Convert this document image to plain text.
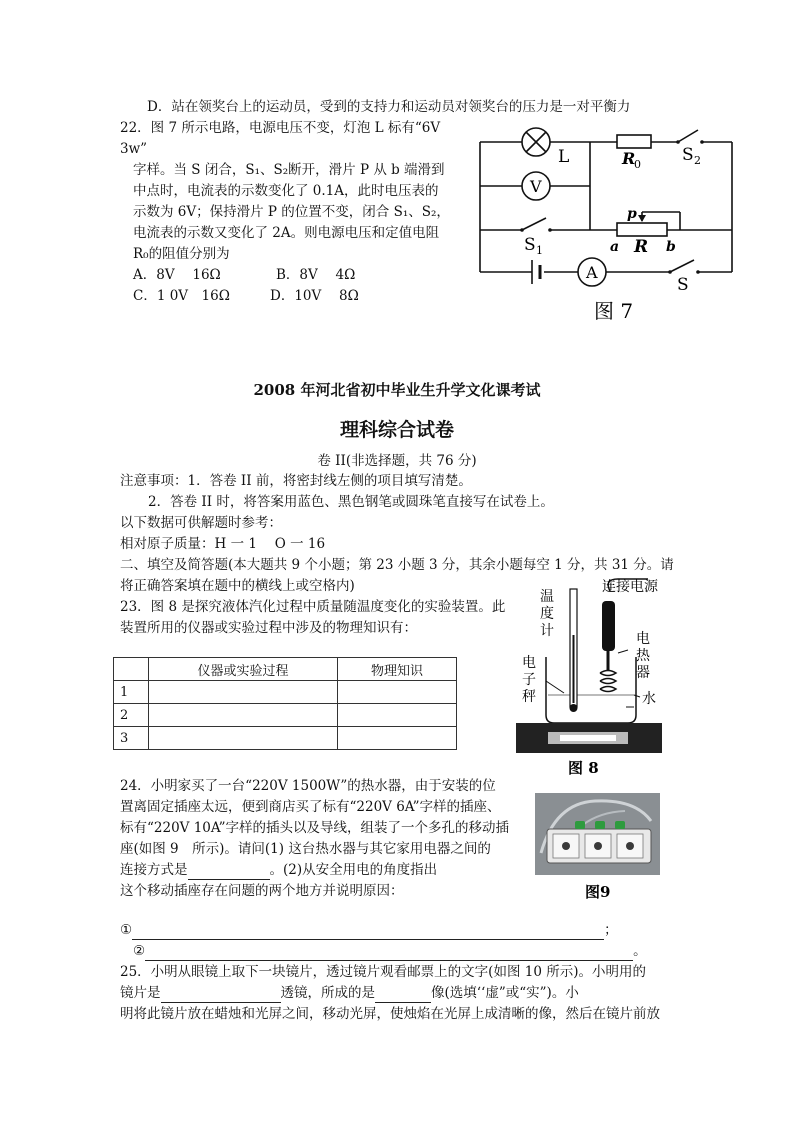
D．站在领奖台上的运动员，受到的支持力和运动员对领奖台的压力是一对平衡力
22．图 7 所示电路，电源电压不变，灯泡 L 标有“6V
3w”
字样。当 S 闭合，S₁、S₂断开，滑片 P 从 b 端滑到
中点时，电流表的示数变化了 0.1A，此时电压表的
示数为 6V；保持滑片 P 的位置不变，闭合 S₁、S₂，
电流表的示数又变化了 2A。则电源电压和定值电阻
R₀的阻值分别为
A．8V　 16Ω	B．8V　 4Ω
C．1 0V　16Ω	D．10V　 8Ω
L	R
0 S 2
V
p
S 1	a R b
A
S
图 7
2008 年河北省初中毕业生升学文化课考试
理科综合试卷
卷 II(非选择题，共 76 分)
注意事项：1．答卷 II 前，将密封线左侧的项目填写清楚。
2．答卷 II 时，将答案用蓝色、黑色钢笔或圆珠笔直接写在试卷上。
以下数据可供解题时参考：
相对原子质量：H 一 1　 O 一 16
二、填空及简答题(本大题共 9 个小题；第 23 小题 3 分，其余小题每空 1 分，共 31 分。请
将正确答案填在题中的横线上或空格内)
23．图 8 是探究液体汽化过程中质量随温度变化的实验装置。此
装置所用的仪器或实验过程中涉及的物理知识有：
	仪器或实验过程	物理知识
1		
2		
3		
温
度
计
连接电源
电
热
器
电
子
秤	水
图 8
24．小明家买了一台“220V 1500W”的热水器，由于安装的位
置离固定插座太远，便到商店买了标有“220V 6A”字样的插座、
标有“220V 10A”字样的插头以及导线，组装了一个多孔的移动插
座(如图 9　所示)。请问(1) 这台热水器与其它家用电器之间的
连接方式是	。(2)从安全用电的角度指出
这个移动插座存在问题的两个地方并说明原因：	图9
①	；
②	。
25．小明从眼镜上取下一块镜片，透过镜片观看邮票上的文字(如图 10 所示)。小明用的
镜片是	透镜，所成的是	像(选填‘‘虚”或“实”)。小
明将此镜片放在蜡烛和光屏之间，移动光屏，使烛焰在光屏上成清晰的像，然后在镜片前放
